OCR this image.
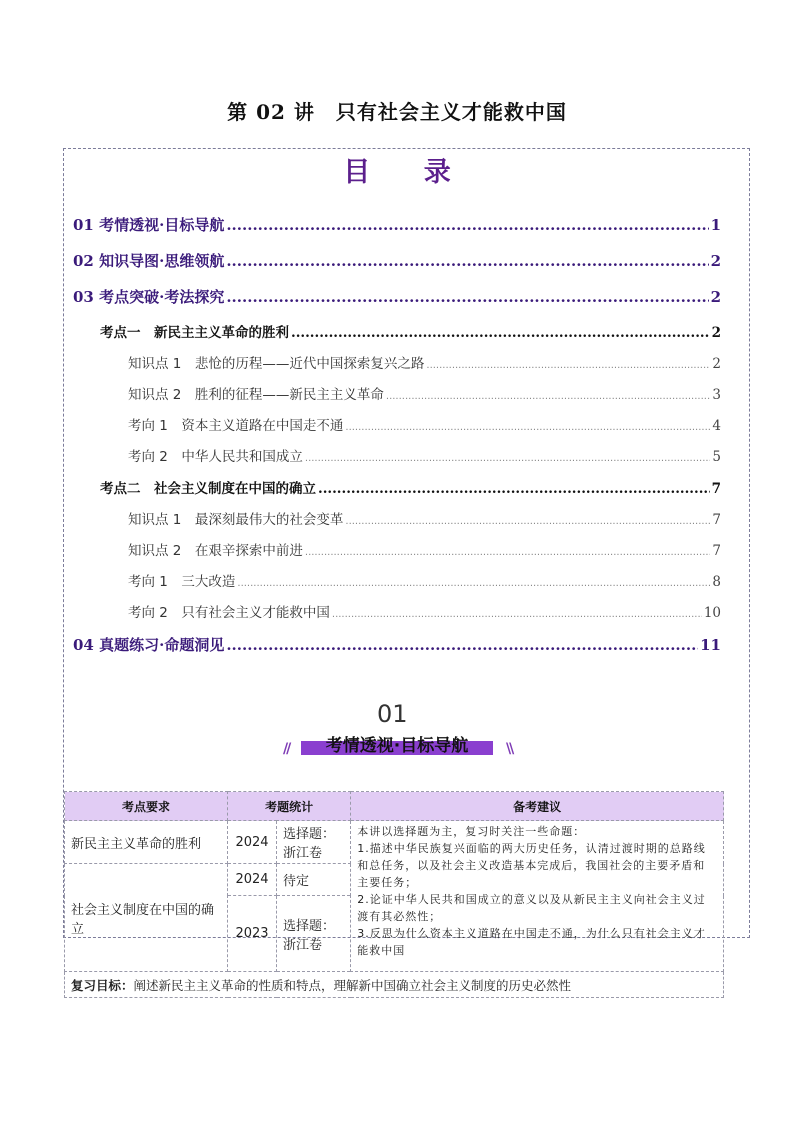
第 02 讲　只有社会主义才能救中国
目 录
01 考情透视·目标导航 .....	1
02 知识导图·思维领航 .....	2
03 考点突破·考法探究 .....	2
考点一　新民主主义革命的胜利 .....	2
知识点 1　悲怆的历程——近代中国探索复兴之路 .....	2
知识点 2　胜利的征程——新民主主义革命 .....	3
考向 1　资本主义道路在中国走不通 .....	4
考向 2　中华人民共和国成立 .....	5
考点二　社会主义制度在中国的确立 .....	7
知识点 1　最深刻最伟大的社会变革 .....	7
知识点 2　在艰辛探索中前进 .....	7
考向 1　三大改造 .....	8
考向 2　只有社会主义才能救中国 .....	10
04 真题练习·命题洞见 .....	11
01
//	考情透视·目标导航	\\
考点要求	考题统计		备考建议
新民主主义革命的胜利	2024	选择题：浙江卷	本讲以选择题为主，复习时关注一些命题：
1.描述中华民族复兴面临的两大历史任务，认清过渡时期的总路线和总任务，以及社会主义改造基本完成后，我国社会的主要矛盾和主要任务；
2.论证中华人民共和国成立的意义以及从新民主主义向社会主义过渡有其必然性；
3.反思为什么资本主义道路在中国走不通，为什么只有社会主义才能救中国

社会主义制度在中国的确立	2024	待定	
	2023	选择题：浙江卷	
复习目标：阐述新民主主义革命的性质和特点，理解新中国确立社会主义制度的历史必然性			
